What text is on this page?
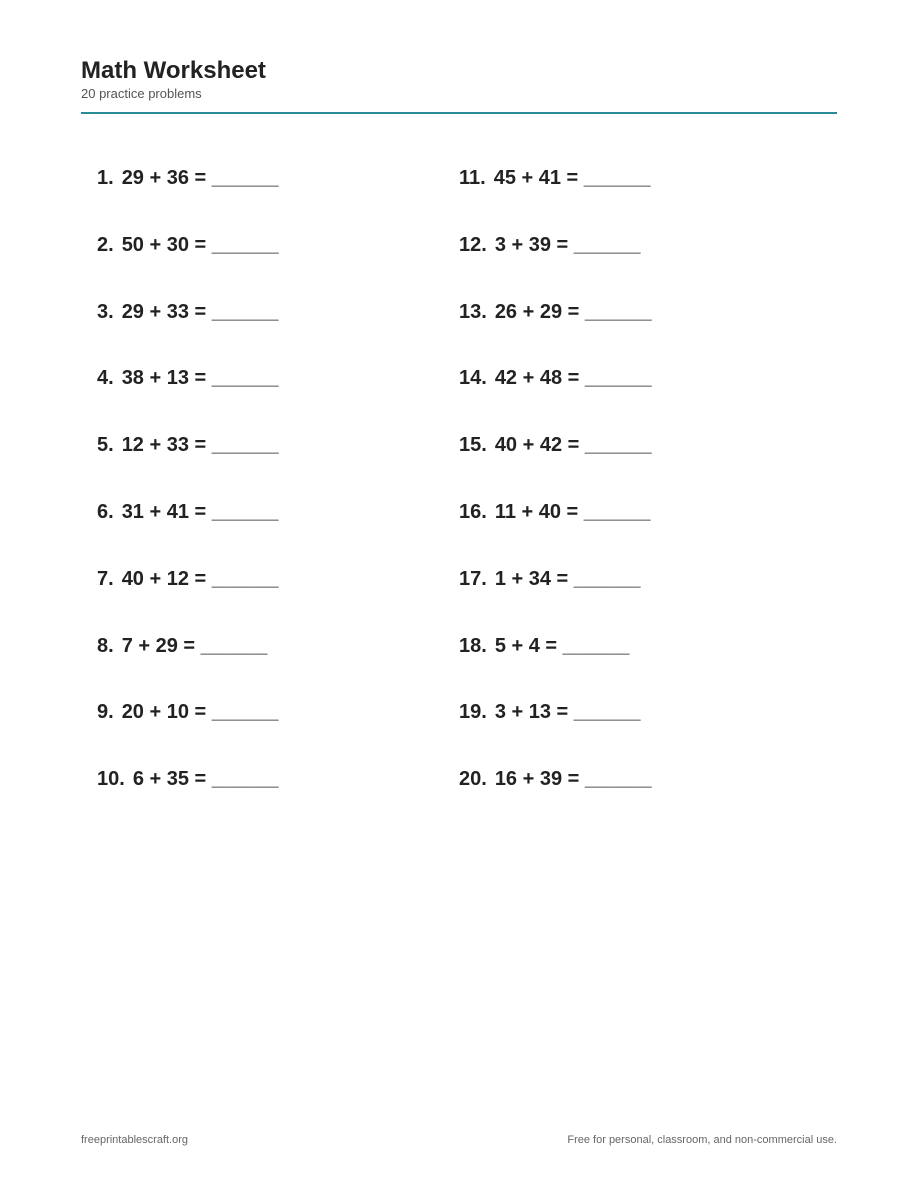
Math Worksheet
20 practice problems
1. 29 + 36 = ______
2. 50 + 30 = ______
3. 29 + 33 = ______
4. 38 + 13 = ______
5. 12 + 33 = ______
6. 31 + 41 = ______
7. 40 + 12 = ______
8. 7 + 29 = ______
9. 20 + 10 = ______
10. 6 + 35 = ______
11. 45 + 41 = ______
12. 3 + 39 = ______
13. 26 + 29 = ______
14. 42 + 48 = ______
15. 40 + 42 = ______
16. 11 + 40 = ______
17. 1 + 34 = ______
18. 5 + 4 = ______
19. 3 + 13 = ______
20. 16 + 39 = ______
freeprintablescraft.org	Free for personal, classroom, and non-commercial use.
